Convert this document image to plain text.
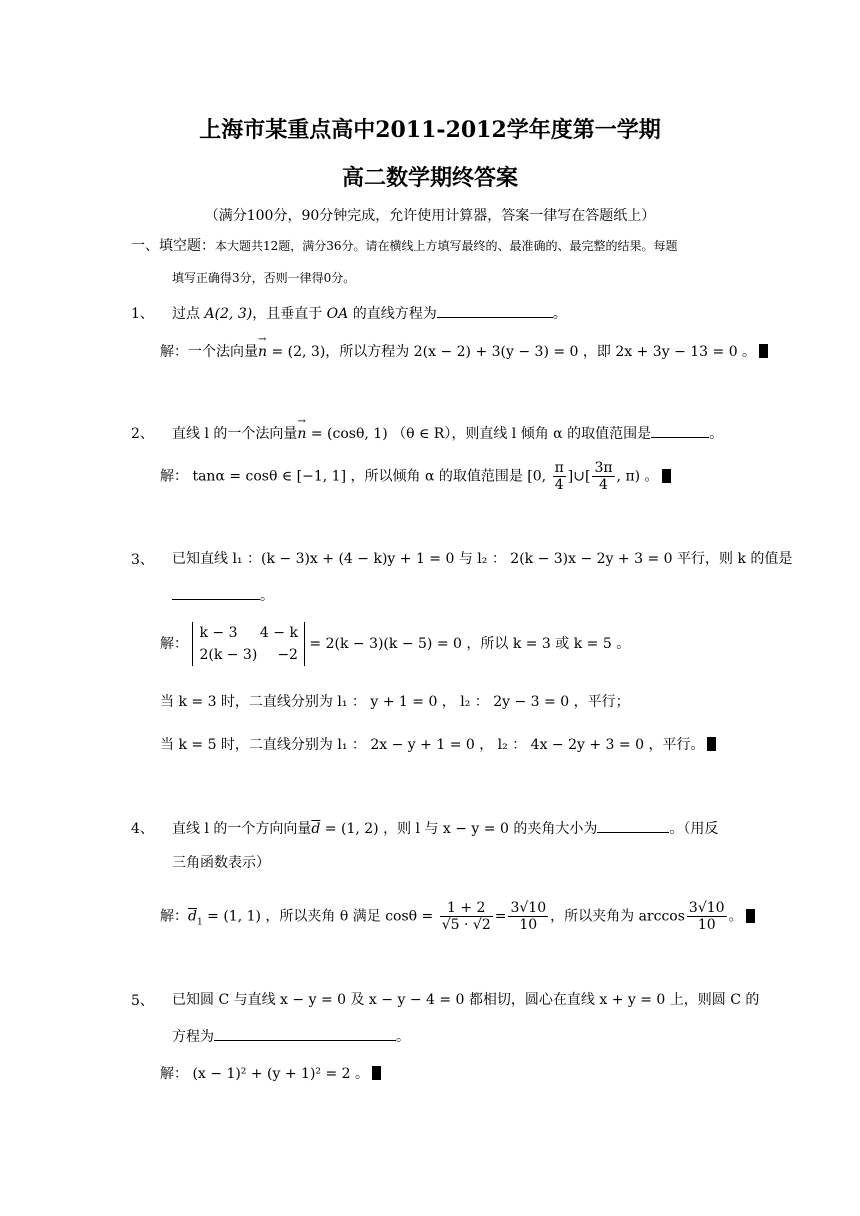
上海市某重点高中2011-2012学年度第一学期
高二数学期终答案
（满分100分，90分钟完成，允许使用计算器，答案一律写在答题纸上）
一、填空题：本大题共12题，满分36分。请在横线上方填写最终的、最准确的、最完整的结果。每题
填写正确得3分，否则一律得0分。
1、 过点 A(2, 3)，且垂直于 OA 的直线方程为	。
解：一个法向量→ n = (2, 3)，所以方程为 2(x − 2) + 3(y − 3) = 0 ，即 2x + 3y − 13 = 0 。
2、 直线 l 的一个法向量→ n = (cosθ, 1) （θ ∈ R），则直线 l 倾角 α 的取值范围是	。
解： tanα = cosθ ∈ [−1, 1] ，所以倾角 α 的取值范围是 [0, $\frac{\pi}{4}$ ]∪[ $\frac{3\pi}{4}$ , π) 。
3、 已知直线 l₁ ：(k − 3)x + (4 − k)y + 1 = 0 与 l₂ ： 2(k − 3)x − 2y + 3 = 0 平行，则 k 的值是
。
解：
k − 3 4 − k
2(k − 3) −2
= 2(k − 3)(k − 5) = 0 ，所以 k = 3 或 k = 5 。
当 k = 3 时，二直线分别为 l₁ ： y + 1 = 0 ， l₂ ： 2y − 3 = 0 ，平行；
当 k = 5 时，二直线分别为 l₁ ： 2x − y + 1 = 0 ， l₂ ： 4x − 2y + 3 = 0 ，平行。
4、 直线 l 的一个方向向量$\overline{d} = (1$, 2) ，则 l 与 x − y = 0 的夹角大小为	。（用反
三角函数表示）
解：$\overline{d}_1 = (1$, 1) ，所以夹角 θ 满足 $\cos\theta = \frac{1 + 2}{√5 \cdot √2} = \frac{3√10}{10}$ ，所以夹角为 $\arccos \frac{3√10}{10}$ 。
5、 已知圆 C 与直线 x − y = 0 及 x − y − 4 = 0 都相切，圆心在直线 x + y = 0 上，则圆 C 的
方程为	。
解： (x − 1)² + (y + 1)² = 2 。
